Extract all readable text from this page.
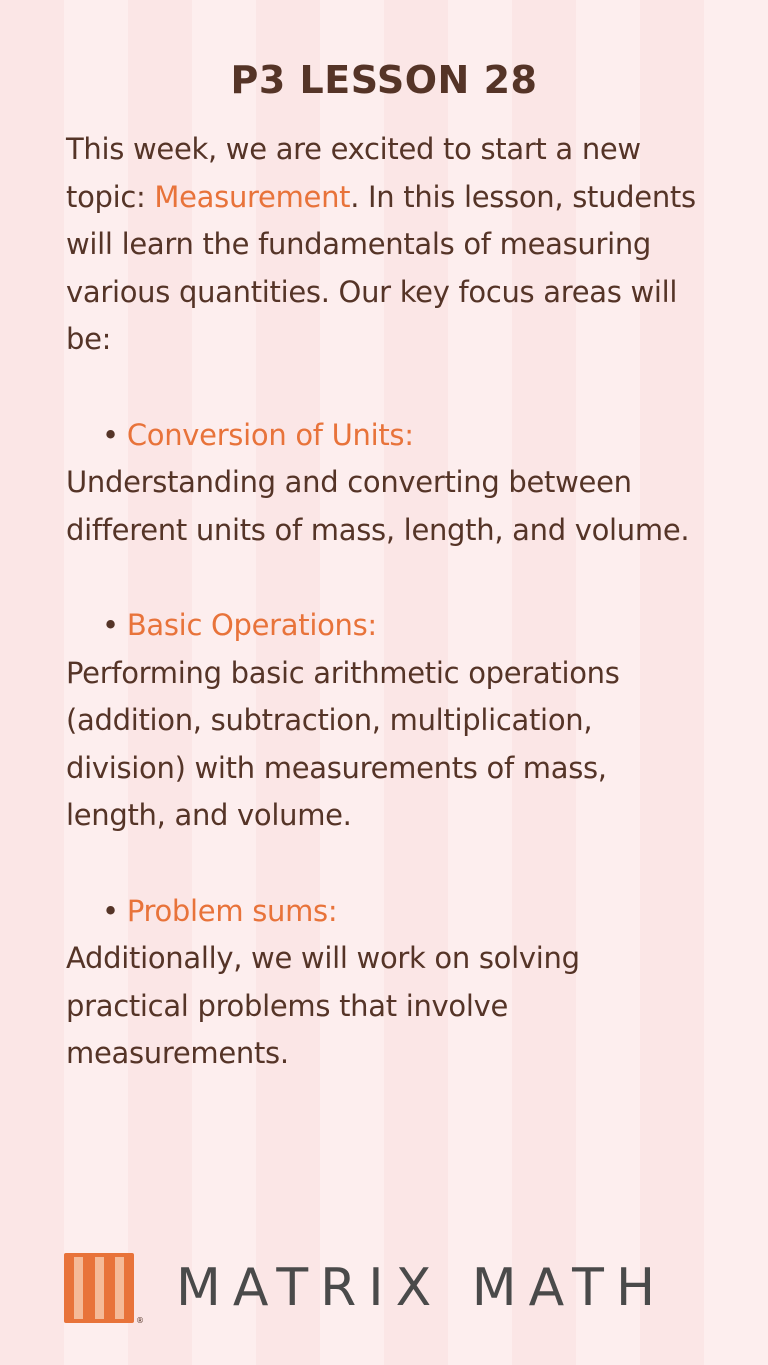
P3 LESSON 28

This week, we are excited to start a new topic: Measurement. In this lesson, students will learn the fundamentals of measuring various quantities. Our key focus areas will be:

• Conversion of Units:

Understanding and converting between different units of mass, length, and volume.

• Basic Operations:

Performing basic arithmetic operations (addition, subtraction, multiplication, division) with measurements of mass, length, and volume.

• Problem sums:

Additionally, we will work on solving practical problems that involve measurements.

®
MATRIX MATH
